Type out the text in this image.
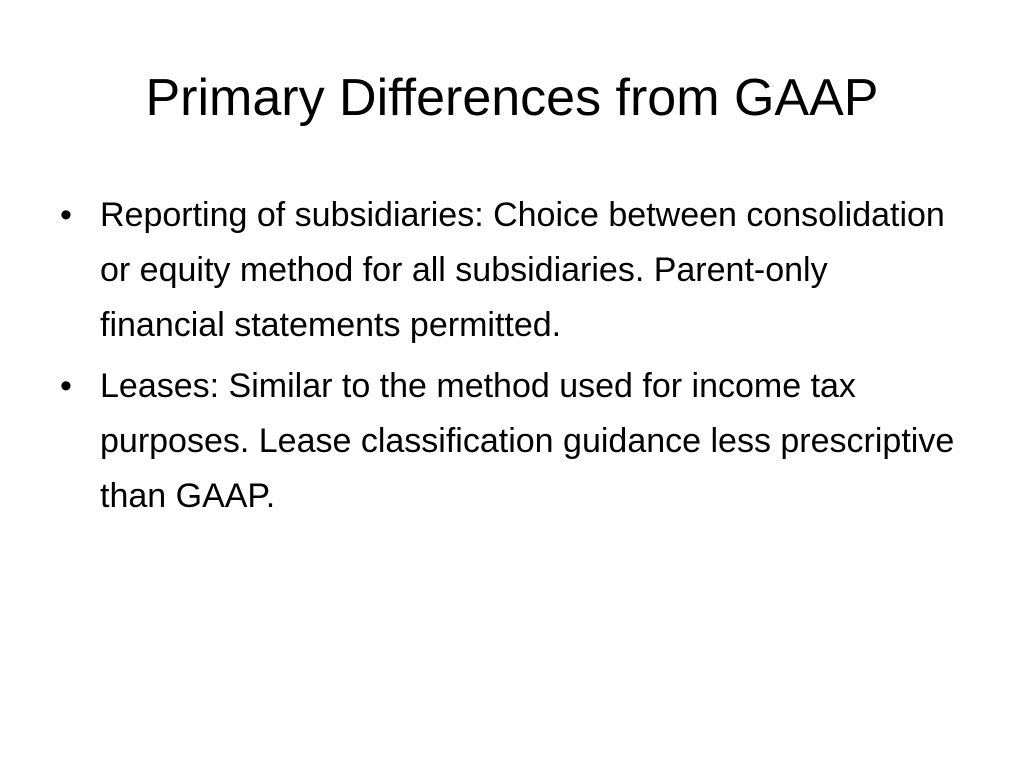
Primary Differences from GAAP
• Reporting of subsidiaries: Choice between consolidation or equity method for all subsidiaries. Parent-only financial statements permitted.
• Leases: Similar to the method used for income tax purposes. Lease classification guidance less prescriptive than GAAP.
